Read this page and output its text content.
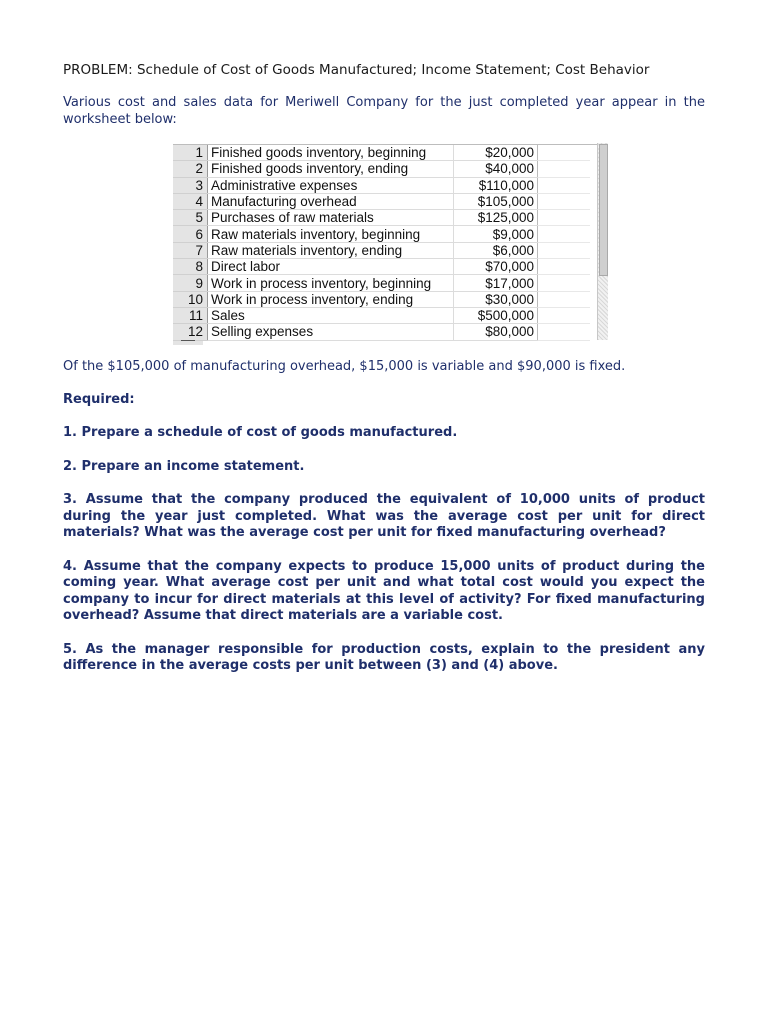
PROBLEM: Schedule of Cost of Goods Manufactured; Income Statement; Cost Behavior
Various cost and sales data for Meriwell Company for the just completed year appear in the worksheet below:
1	Finished goods inventory, beginning	$20,000	
2	Finished goods inventory, ending	$40,000	
3	Administrative expenses	$110,000	
4	Manufacturing overhead	$105,000	
5	Purchases of raw materials	$125,000	
6	Raw materials inventory, beginning	$9,000	
7	Raw materials inventory, ending	$6,000	
8	Direct labor	$70,000	
9	Work in process inventory, beginning	$17,000	
10	Work in process inventory, ending	$30,000	
11	Sales	$500,000	
12	Selling expenses	$80,000	
Of the $105,000 of manufacturing overhead, $15,000 is variable and $90,000 is fixed.
Required:
1. Prepare a schedule of cost of goods manufactured.
2. Prepare an income statement.
3. Assume that the company produced the equivalent of 10,000 units of product during the year just completed. What was the average cost per unit for direct materials? What was the average cost per unit for fixed manufacturing overhead?
4. Assume that the company expects to produce 15,000 units of product during the coming year. What average cost per unit and what total cost would you expect the company to incur for direct materials at this level of activity? For fixed manufacturing overhead? Assume that direct materials are a variable cost.
5. As the manager responsible for production costs, explain to the president any difference in the average costs per unit between (3) and (4) above.
